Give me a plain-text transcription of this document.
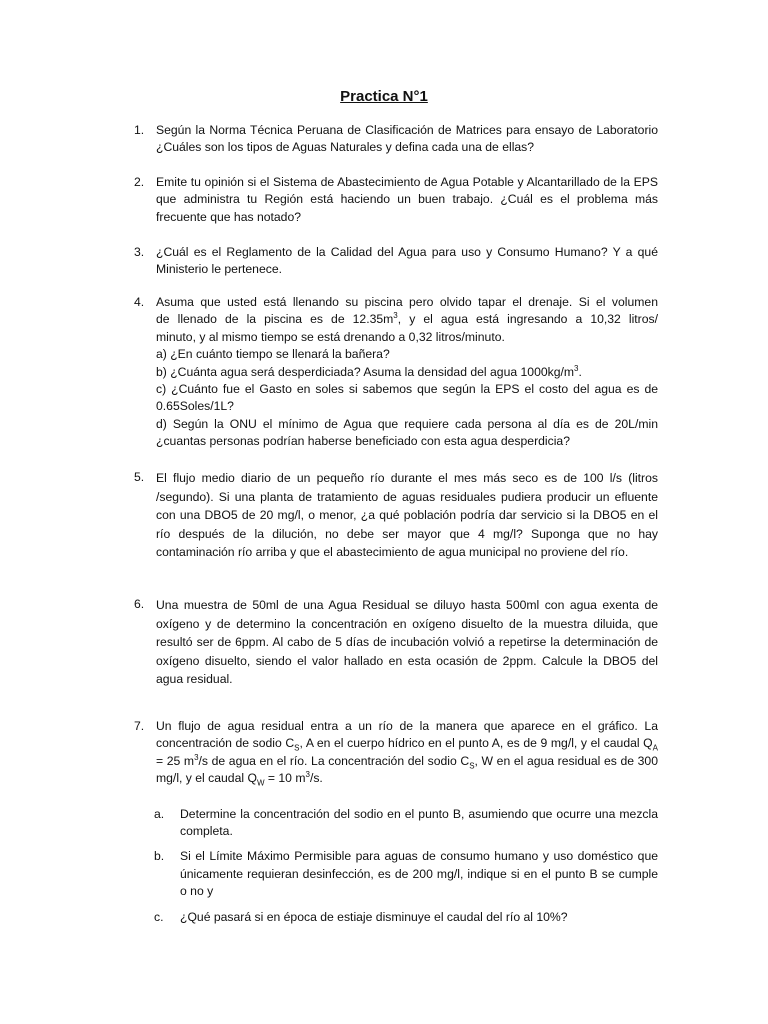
Practica N°1
1. Según la Norma Técnica Peruana de Clasificación de Matrices para ensayo de Laboratorio ¿Cuáles son los tipos de Aguas Naturales y defina cada una de ellas?
2. Emite tu opinión si el Sistema de Abastecimiento de Agua Potable y Alcantarillado de la EPS que administra tu Región está haciendo un buen trabajo. ¿Cuál es el problema más frecuente que has notado?
3. ¿Cuál es el Reglamento de la Calidad del Agua para uso y Consumo Humano? Y a qué Ministerio le pertenece.
4. Asuma que usted está llenando su piscina pero olvido tapar el drenaje. Si el volumen
de llenado de la piscina es de $12.35m^3$, y el agua está ingresando a 10,32 litros/
minuto, y al mismo tiempo se está drenando a 0,32 litros/minuto.
a) ¿En cuánto tiempo se llenará la bañera?
b) ¿Cuánta agua será desperdiciada? Asuma la densidad del agua $1000kg/m^3$.
c) ¿Cuánto fue el Gasto en soles si sabemos que según la EPS el costo del agua es de 0.65Soles/1L?
d) Según la ONU el mínimo de Agua que requiere cada persona al día es de 20L/min ¿cuantas personas podrían haberse beneficiado con esta agua desperdicia?
5. El flujo medio diario de un pequeño río durante el mes más seco es de 100 l/s (litros /segundo). Si una planta de tratamiento de aguas residuales pudiera producir un efluente con una DBO5 de 20 mg/l, o menor, ¿a qué población podría dar servicio si la DBO5 en el río después de la dilución, no debe ser mayor que 4 mg/l? Suponga que no hay contaminación río arriba y que el abastecimiento de agua municipal no proviene del río.
6. Una muestra de 50ml de una Agua Residual se diluyo hasta 500ml con agua exenta de oxígeno y de determino la concentración en oxígeno disuelto de la muestra diluida, que resultó ser de 6ppm. Al cabo de 5 días de incubación volvió a repetirse la determinación de oxígeno disuelto, siendo el valor hallado en esta ocasión de 2ppm. Calcule la DBO5 del agua residual.
7. Un flujo de agua residual entra a un río de la manera que aparece en el gráfico. La concentración de sodio $C_S$, A en el cuerpo hídrico en el punto A, es de 9 mg/l, y el caudal $Q_A = 25$ $m^3/s$ de agua en el río. La concentración del sodio $C_S$, W en el agua residual es de 300 mg/l, y el caudal $Q_W = 10$ $m^3/s$.
a. Determine la concentración del sodio en el punto B, asumiendo que ocurre una mezcla completa.
b. Si el Límite Máximo Permisible para aguas de consumo humano y uso doméstico que únicamente requieran desinfección, es de 200 mg/l, indique si en el punto B se cumple o no y
c. ¿Qué pasará si en época de estiaje disminuye el caudal del río al 10%?
